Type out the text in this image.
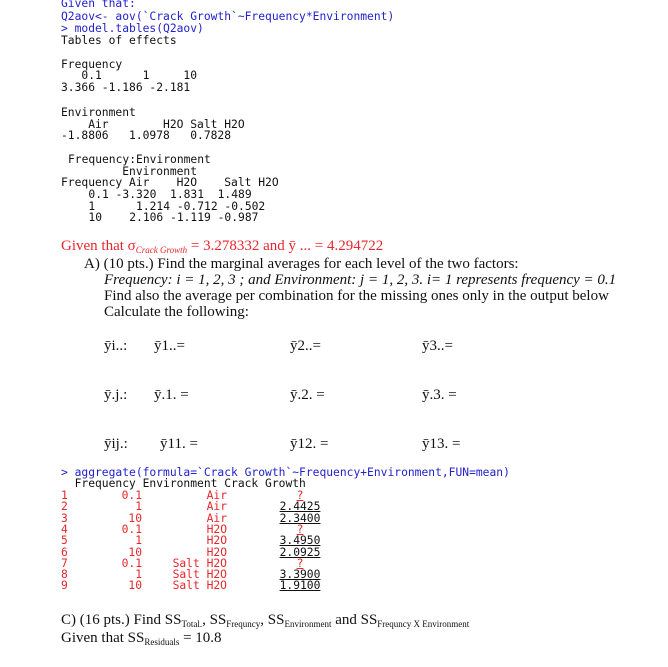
Given that:
Q2aov<- aov(`Crack Growth`~Frequency*Environment)
> model.tables(Q2aov)
Tables of effects
Frequency
0.1      1     10
3.366 -1.186 -2.181
Environment
Air        H2O Salt H2O
-1.8806   1.0978   0.7828
Frequency:Environment
Environment
Frequency Air    H2O    Salt H2O
0.1 -3.320  1.831  1.489
1      1.214 -0.712 -0.502
10    2.106 -1.119 -0.987
Given that $\sigma_{Crack Growth} = 3.278332$ and ȳ ... = 4.294722
A) (10 pts.) Find the marginal averages for each level of the two factors:
Frequency: i = 1, 2, 3 ; and Environment: j = 1, 2, 3. i= 1 represents frequency = 0.1
Find also the average per combination for the missing ones only in the output below
Calculate the following:
ȳi..: ȳ1..=	ȳ2..=	ȳ3..=
ȳ.j.: ȳ.1. =	ȳ.2. =	ȳ.3. =
ȳij.: ȳ11. =	ȳ12. =	ȳ13. =
> aggregate(formula=`Crack Growth`~Frequency+Environment,FUN=mean)
Frequency Environment Crack Growth
1	0.1	Air	?
2	1	Air	2.4425
3	10	Air	2.3400
4	0.1	H2O	?
5	1	H2O	3.4950
6	10	H2O	2.0925
7	0.1	Salt H2O	?
8	1	Salt H2O	3.3900
9	10	Salt H2O	1.9100
C) (16 pts.) Find $SS_{Total.}$, $SS_{Frequncy}$, $SS_{Environment}$ and $SS_{Frequncy X Environment}$
Given that $SS_{Residuals} = 10.8$
